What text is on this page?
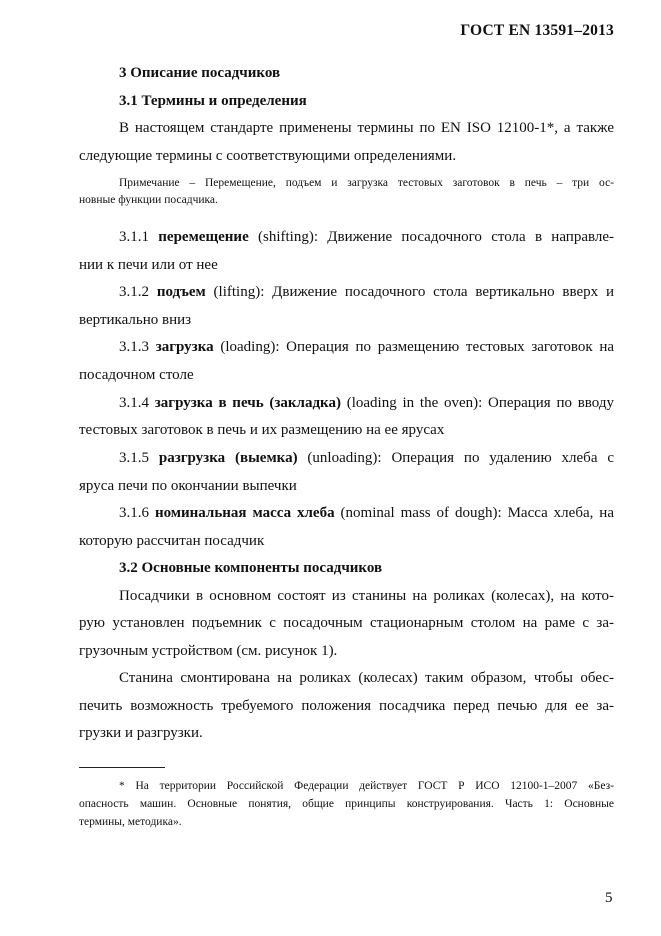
ГОСТ EN 13591–2013
3 Описание посадчиков
3.1 Термины и определения
В настоящем стандарте применены термины по EN ISO 12100-1*, а также
следующие термины с соответствующими определениями.
Примечание – Перемещение, подъем и загрузка тестовых заготовок в печь – три ос-
новные функции посадчика.
3.1.1 перемещение (shifting): Движение посадочного стола в направле-
нии к печи или от нее
3.1.2 подъем (lifting): Движение посадочного стола вертикально вверх и
вертикально вниз
3.1.3 загрузка (loading): Операция по размещению тестовых заготовок на
посадочном столе
3.1.4 загрузка в печь (закладка) (loading in the oven): Операция по вводу
тестовых заготовок в печь и их размещению на ее ярусах
3.1.5 разгрузка (выемка) (unloading): Операция по удалению хлеба с
яруса печи по окончании выпечки
3.1.6 номинальная масса хлеба (nominal mass of dough): Масса хлеба, на
которую рассчитан посадчик
3.2 Основные компоненты посадчиков
Посадчики в основном состоят из станины на роликах (колесах), на кото-
рую установлен подъемник с посадочным стационарным столом на раме с за-
грузочным устройством (см. рисунок 1).
Станина смонтирована на роликах (колесах) таким образом, чтобы обес-
печить возможность требуемого положения посадчика перед печью для ее за-
грузки и разгрузки.
* На территории Российской Федерации действует ГОСТ Р ИСО 12100-1–2007 «Без-
опасность машин. Основные понятия, общие принципы конструирования. Часть 1: Основные
термины, методика».
5
